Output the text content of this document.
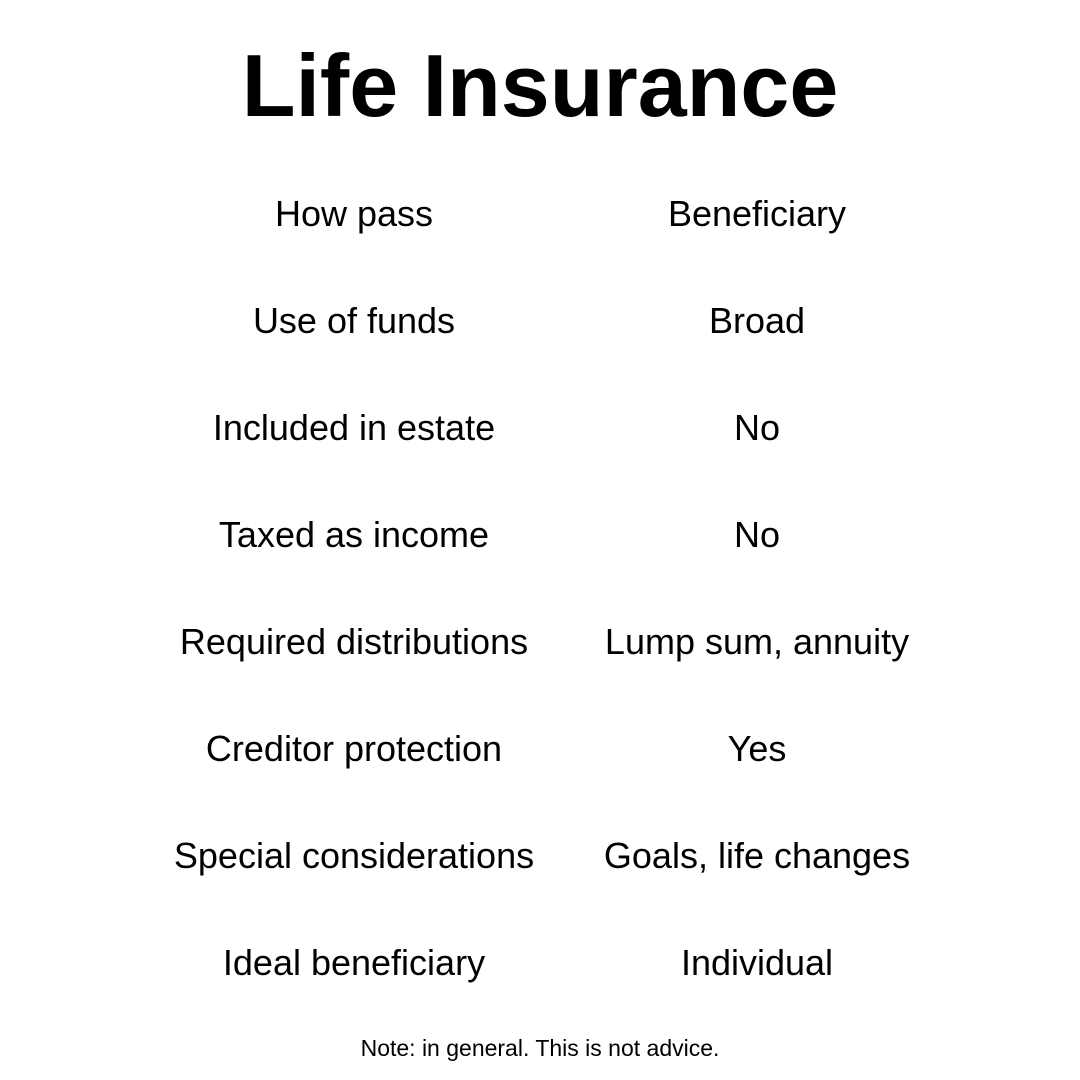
Life Insurance
How pass	Beneficiary
Use of funds	Broad
Included in estate	No
Taxed as income	No
Required distributions	Lump sum, annuity
Creditor protection	Yes
Special considerations	Goals, life changes
Ideal beneficiary	Individual
Note: in general. This is not advice.
